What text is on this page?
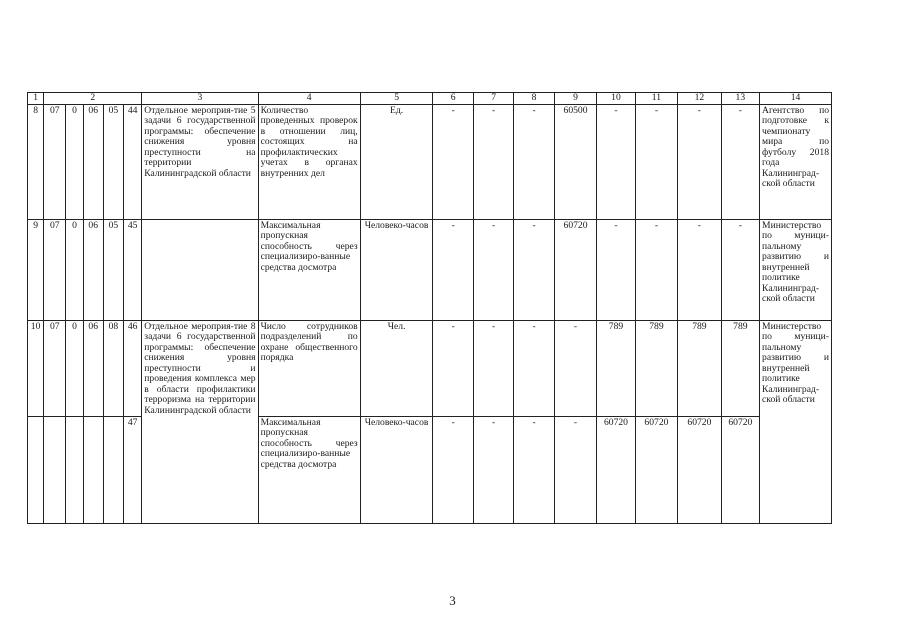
1	2					3	4	5	6	7	8	9	10	11	12	13	14
8	07	0	06	05	44	Отдельное мероприя-тие 5 задачи 6 государственной программы: обеспечение снижения уровня преступности на территории Калининградской области	Количество проведенных проверок в отношении лиц, состоящих на профилактических учетах в органах внутренних дел	Ед.	-	-	-	60500	-	-	-	-	Агентство по подготовке к чемпионату мира по футболу 2018 года Калининград-ской области
9	07	0	06	05	45		Максимальная пропускная способность через специализиро-ванные средства досмотра	Человеко-часов	-	-	-	60720	-	-	-	-	Министерство по муници-пальному развитию и внутренней политике Калининград-ской области
10	07	0	06	08	46	Отдельное мероприя-тие 8 задачи 6 государственной программы: обеспечение снижения уровня преступности и проведения комплекса мер в области профилактики терроризма на территории Калининградской области	Число сотрудников подразделений по охране общественного порядка	Чел.	-	-	-	-	789	789	789	789	Министерство по муници-пальному развитию и внутренней политике Калининград-ской области
					47		Максимальная пропускная способность через специализиро-ванные средства досмотра	Человеко-часов	-	-	-	-	60720	60720	60720	60720	
3
